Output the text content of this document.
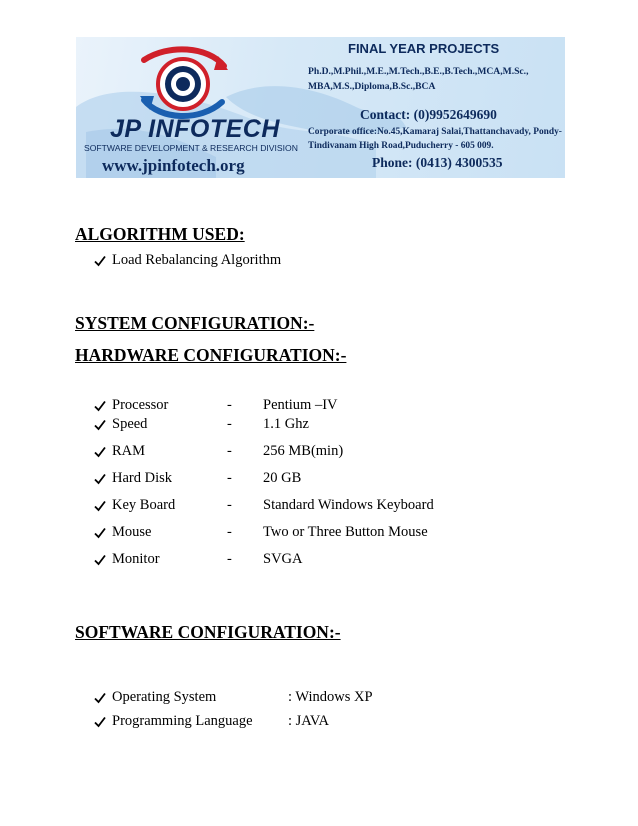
JP INFOTECH
SOFTWARE DEVELOPMENT & RESEARCH DIVISION
www.jpinfotech.org
FINAL YEAR PROJECTS
Ph.D.,M.Phil.,M.E.,M.Tech.,B.E.,B.Tech.,MCA,M.Sc., MBA,M.S.,Diploma,B.Sc.,BCA
Contact: (0)9952649690
Corporate office:No.45,Kamaraj Salai,Thattanchavady, Pondy-Tindivanam High Road,Puducherry - 605 009.
Phone: (0413) 4300535
ALGORITHM USED:
Load Rebalancing Algorithm
SYSTEM CONFIGURATION:-
HARDWARE CONFIGURATION:-
Processor	- Pentium –IV
Speed	- 1.1 Ghz
RAM	- 256 MB(min)
Hard Disk	- 20 GB
Key Board	- Standard Windows Keyboard
Mouse	- Two or Three Button Mouse
Monitor	- SVGA
SOFTWARE CONFIGURATION:-
Operating System	: Windows XP
Programming Language : JAVA
